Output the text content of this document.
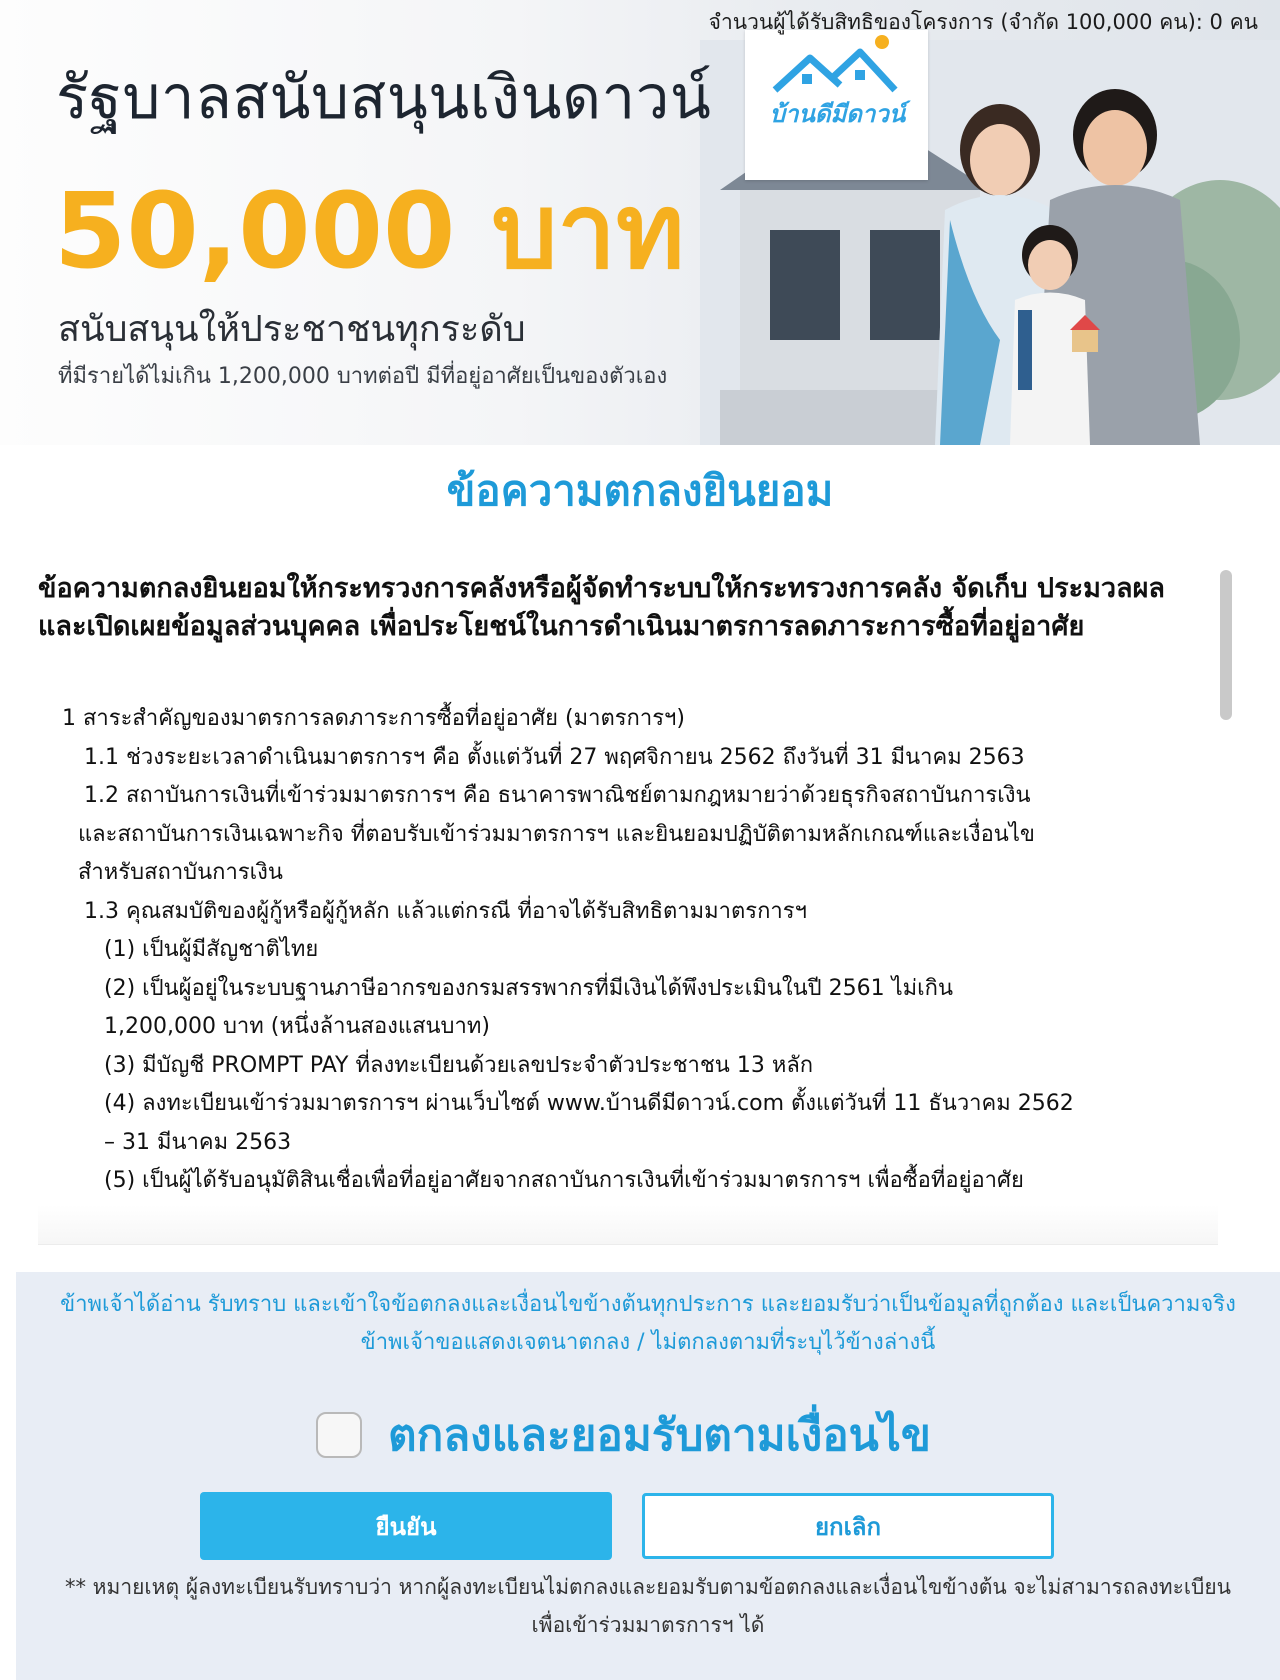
บ้านดีมีดาวน์
จำนวนผู้ได้รับสิทธิของโครงการ (จำกัด 100,000 คน): 0 คน
รัฐบาลสนับสนุนเงินดาวน์
50,000 บาท
สนับสนุนให้ประชาชนทุกระดับ
ที่มีรายได้ไม่เกิน 1,200,000 บาทต่อปี มีที่อยู่อาศัยเป็นของตัวเอง
ข้อความตกลงยินยอม
ข้อความตกลงยินยอมให้กระทรวงการคลังหรือผู้จัดทำระบบให้กระทรวงการคลัง จัดเก็บ ประมวลผล และเปิดเผยข้อมูลส่วนบุคคล เพื่อประโยชน์ในการดำเนินมาตรการลดภาระการซื้อที่อยู่อาศัย
1 สาระสำคัญของมาตรการลดภาระการซื้อที่อยู่อาศัย (มาตรการฯ)
1.1 ช่วงระยะเวลาดำเนินมาตรการฯ คือ ตั้งแต่วันที่ 27 พฤศจิกายน 2562 ถึงวันที่ 31 มีนาคม 2563
1.2 สถาบันการเงินที่เข้าร่วมมาตรการฯ คือ ธนาคารพาณิชย์ตามกฎหมายว่าด้วยธุรกิจสถาบันการเงิน
และสถาบันการเงินเฉพาะกิจ ที่ตอบรับเข้าร่วมมาตรการฯ และยินยอมปฏิบัติตามหลักเกณฑ์และเงื่อนไข
สำหรับสถาบันการเงิน
1.3 คุณสมบัติของผู้กู้หรือผู้กู้หลัก แล้วแต่กรณี ที่อาจได้รับสิทธิตามมาตรการฯ
(1) เป็นผู้มีสัญชาติไทย
(2) เป็นผู้อยู่ในระบบฐานภาษีอากรของกรมสรรพากรที่มีเงินได้พึงประเมินในปี 2561 ไม่เกิน
1,200,000 บาท (หนึ่งล้านสองแสนบาท)
(3) มีบัญชี PROMPT PAY ที่ลงทะเบียนด้วยเลขประจำตัวประชาชน 13 หลัก
(4) ลงทะเบียนเข้าร่วมมาตรการฯ ผ่านเว็บไซต์ www.บ้านดีมีดาวน์.com ตั้งแต่วันที่ 11 ธันวาคม 2562
– 31 มีนาคม 2563
(5) เป็นผู้ได้รับอนุมัติสินเชื่อเพื่อที่อยู่อาศัยจากสถาบันการเงินที่เข้าร่วมมาตรการฯ เพื่อซื้อที่อยู่อาศัย
ข้าพเจ้าได้อ่าน รับทราบ และเข้าใจข้อตกลงและเงื่อนไขข้างต้นทุกประการ และยอมรับว่าเป็นข้อมูลที่ถูกต้อง และเป็นความจริง ข้าพเจ้าขอแสดงเจตนาตกลง / ไม่ตกลงตามที่ระบุไว้ข้างล่างนี้
ตกลงและยอมรับตามเงื่อนไข
ยืนยัน	ยกเลิก
** หมายเหตุ ผู้ลงทะเบียนรับทราบว่า หากผู้ลงทะเบียนไม่ตกลงและยอมรับตามข้อตกลงและเงื่อนไขข้างต้น จะไม่สามารถลงทะเบียนเพื่อเข้าร่วมมาตรการฯ ได้
